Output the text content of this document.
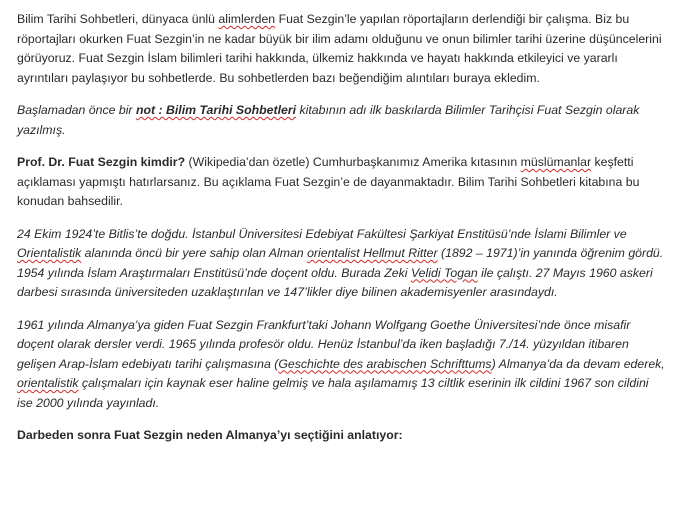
Bilim Tarihi Sohbetleri, dünyaca ünlü alimlerden Fuat Sezgin’le yapılan röportajların derlendiği bir çalışma. Biz bu röportajları okurken Fuat Sezgin’in ne kadar büyük bir ilim adamı olduğunu ve onun bilimler tarihi üzerine düşüncelerini görüyoruz. Fuat Sezgin İslam bilimleri tarihi hakkında, ülkemiz hakkında ve hayatı hakkında etkileyici ve yararlı ayrıntıları paylaşıyor bu sohbetlerde. Bu sohbetlerden bazı beğendiğim alıntıları buraya ekledim.

Başlamadan önce bir not : Bilim Tarihi Sohbetleri kitabının adı ilk baskılarda Bilimler Tarihçisi Fuat Sezgin olarak yazılmış.

Prof. Dr. Fuat Sezgin kimdir? (Wikipedia’dan özetle) Cumhurbaşkanımız Amerika kıtasının müslümanlar keşfetti açıklaması yapmıştı hatırlarsanız. Bu açıklama Fuat Sezgin’e de dayanmaktadır. Bilim Tarihi Sohbetleri kitabına bu konudan bahsedilir.

24 Ekim 1924’te Bitlis’te doğdu. İstanbul Üniversitesi Edebiyat Fakültesi Şarkiyat Enstitüsü’nde İslami Bilimler ve Orientalistik alanında öncü bir yere sahip olan Alman orientalist Hellmut Ritter (1892 – 1971)’in yanında öğrenim gördü. 1954 yılında İslam Araştırmaları Enstitüsü’nde doçent oldu. Burada Zeki Velidi Togan ile çalıştı. 27 Mayıs 1960 askeri darbesi sırasında üniversiteden uzaklaştırılan ve 147’likler diye bilinen akademisyenler arasındaydı.

1961 yılında Almanya’ya giden Fuat Sezgin Frankfurt’taki Johann Wolfgang Goethe Üniversitesi’nde önce misafir doçent olarak dersler verdi. 1965 yılında profesör oldu. Henüz İstanbul’da iken başladığı 7./14. yüzyıldan itibaren gelişen Arap-İslam edebiyatı tarihi çalışmasına (Geschichte des arabischen Schrifttums) Almanya’da da devam ederek, orientalistik çalışmaları için kaynak eser haline gelmiş ve hala aşılamamış 13 ciltlik eserinin ilk cildini 1967 son cildini ise 2000 yılında yayınladı.

Darbeden sonra Fuat Sezgin neden Almanya’yı seçtiğini anlatıyor:
